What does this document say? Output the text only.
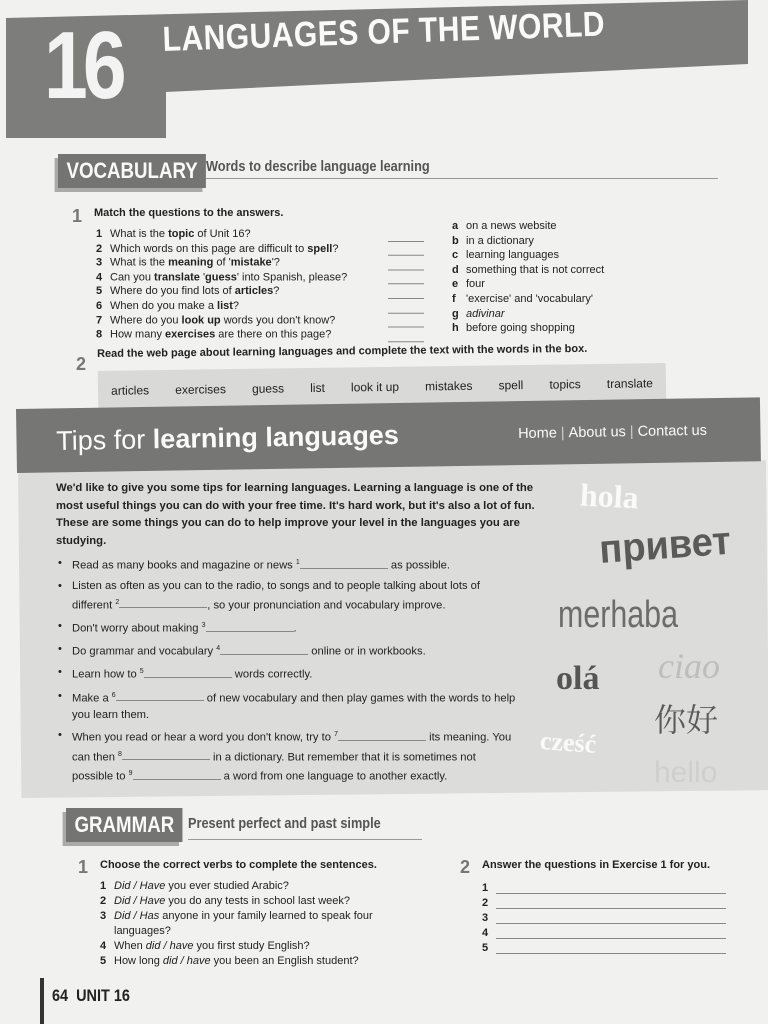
16 LANGUAGES OF THE WORLD
VOCABULARY Words to describe language learning
1 Match the questions to the answers.
1 What is the topic of Unit 16?
2 Which words on this page are difficult to spell?
3 What is the meaning of 'mistake'?
4 Can you translate 'guess' into Spanish, please?
5 Where do you find lots of articles?
6 When do you make a list?
7 Where do you look up words you don't know?
8 How many exercises are there on this page?
a on a news website
b in a dictionary
c learning languages
d something that is not correct
e four
f 'exercise' and 'vocabulary'
g adivinar
h before going shopping
2
Read the web page about learning languages and complete the text with the words in the box.
articles exercises guess list look it up mistakes spell topics translate
Tips for learning languages	Home | About us | Contact us
We'd like to give you some tips for learning languages. Learning a language is one of the most useful things you can do with your free time. It's hard work, but it's also a lot of fun. These are some things you can do to help improve your level in the languages you are studying.
• Read as many books and magazine or news $^1$	as possible.
• Listen as often as you can to the radio, to songs and to people talking about lots of different $^2$	, so your pronunciation and vocabulary improve.
• Don't worry about making $^3$	.
• Do grammar and vocabulary $^4$	online or in workbooks.
• Learn how to $^5$	words correctly.
• Make a $^6$	of new vocabulary and then play games with the words to help you learn them.
• When you read or hear a word you don't know, try to $^7$	its meaning. You can then $^8$	in a dictionary. But remember that it is sometimes not possible to $^9$	a word from one language to another exactly.
hola
привет
merhaba
olá ciao
你好
cześć
hello
GRAMMAR Present perfect and past simple
1 Choose the correct verbs to complete the sentences.
1 Did / Have you ever studied Arabic?
2 Did / Have you do any tests in school last week?
3 Did / Has anyone in your family learned to speak four languages?
4 When did / have you first study English?
5 How long did / have you been an English student?
2 Answer the questions in Exercise 1 for you.
1
2
3
4
5
64 UNIT 16
